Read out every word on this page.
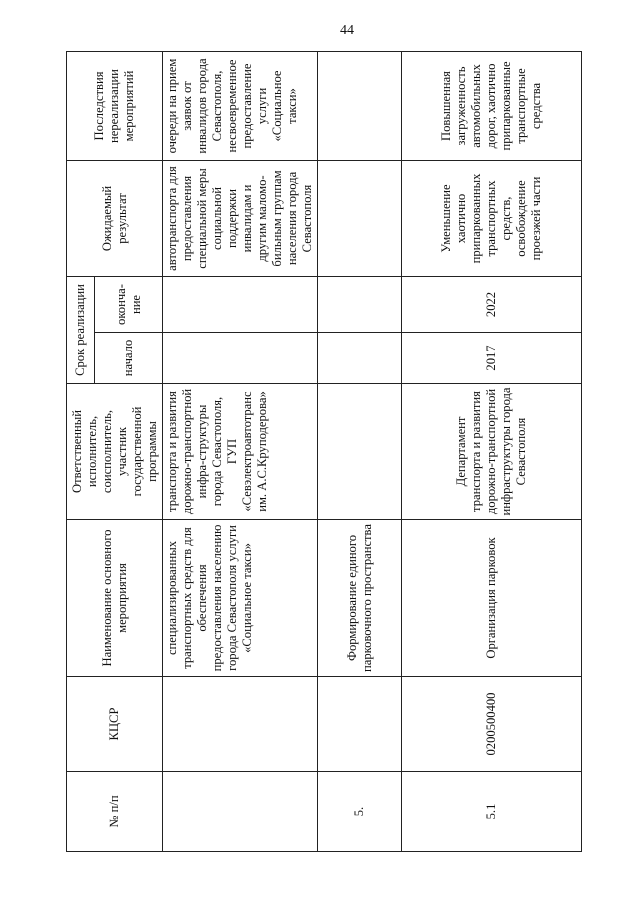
44
№ п/п	КЦСР	Наименование основного мероприятия	Ответственный исполнитель, соисполнитель, участник государственной программы	Срок реализации		Ожидаемый результат	Последствия нереализации мероприятий
				начало	оконча-ние		
		специализированных транспортных средств для обеспечения предоставления населению города Севастополя услуги «Социальное такси»	транспорта и развития дорожно-транспортной инфра-структуры города Севастополя, ГУП «Севэлектроавтотранс им. А.С.Круподерова»			автотранспорта для предоставления специальной меры социальной поддержки инвалидам и другим маломо-бильным группам населения города Севастополя	очереди на прием заявок от инвалидов города Севастополя, несвоевременное предоставление услуги «Социальное такси»
5.		Формирование единого парковочного пространства					
5.1	0200500400	Организация парковок	Департамент транспорта и развития дорожно-транспортной инфраструктуры города Севастополя	2017	2022	Уменьшение хаотично припаркованных транспортных средств, освобождение проезжей части	Повышенная загруженность автомобильных дорог, хаотично припаркованные транспортные средства
